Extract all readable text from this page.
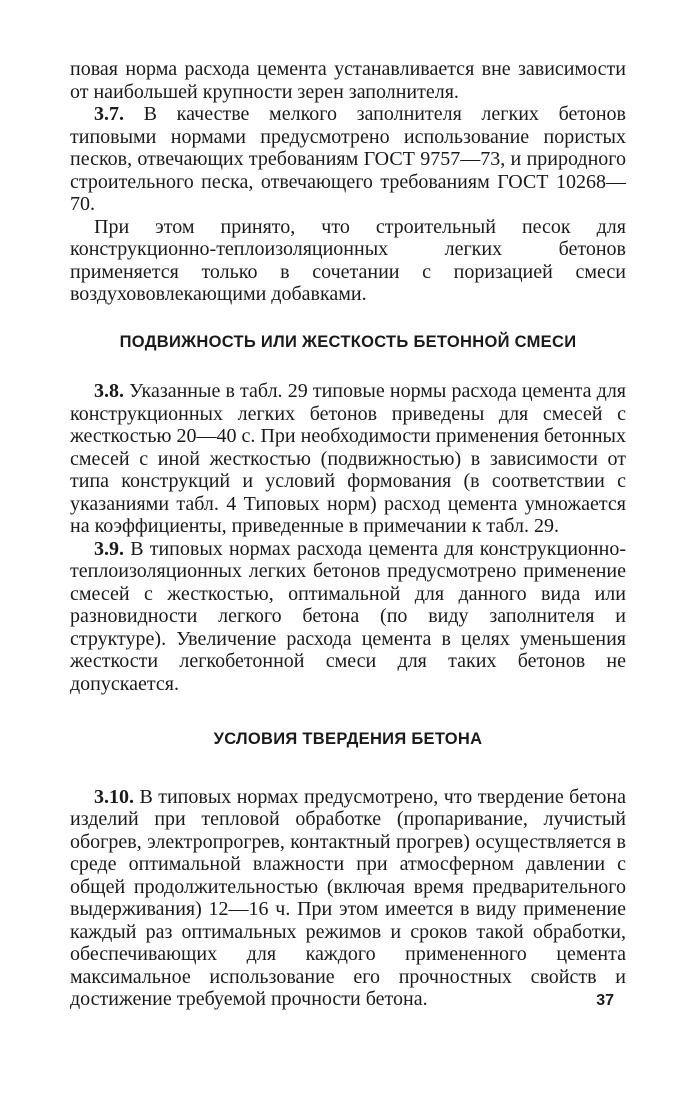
повая норма расхода цемента устанавливается вне зависимости от наибольшей крупности зерен заполнителя.

3.7. В качестве мелкого заполнителя легких бетонов типовыми нормами предусмотрено использование пористых песков, отвечающих требованиям ГОСТ 9757—73, и природного строительного песка, отвечающего требованиям ГОСТ 10268—70.

При этом принято, что строительный песок для конструкционно-теплоизоляционных легких бетонов применяется только в сочетании с поризацией смеси воздухововлекающими добавками.

ПОДВИЖНОСТЬ ИЛИ ЖЕСТКОСТЬ БЕТОННОЙ СМЕСИ

3.8. Указанные в табл. 29 типовые нормы расхода цемента для конструкционных легких бетонов приведены для смесей с жесткостью 20—40 с. При необходимости применения бетонных смесей с иной жесткостью (подвижностью) в зависимости от типа конструкций и условий формования (в соответствии с указаниями табл. 4 Типовых норм) расход цемента умножается на коэффициенты, приведенные в примечании к табл. 29.

3.9. В типовых нормах расхода цемента для конструкционно-теплоизоляционных легких бетонов предусмотрено применение смесей с жесткостью, оптимальной для данного вида или разновидности легкого бетона (по виду заполнителя и структуре). Увеличение расхода цемента в целях уменьшения жесткости легкобетонной смеси для таких бетонов не допускается.

УСЛОВИЯ ТВЕРДЕНИЯ БЕТОНА

3.10. В типовых нормах предусмотрено, что твердение бетона изделий при тепловой обработке (пропаривание, лучистый обогрев, электропрогрев, контактный прогрев) осуществляется в среде оптимальной влажности при атмосферном давлении с общей продолжительностью (включая время предварительного выдерживания) 12—16 ч. При этом имеется в виду применение каждый раз оптимальных режимов и сроков такой обработки, обеспечивающих для каждого примененного цемента максимальное использование его прочностных свойств и достижение требуемой прочности бетона.	37
